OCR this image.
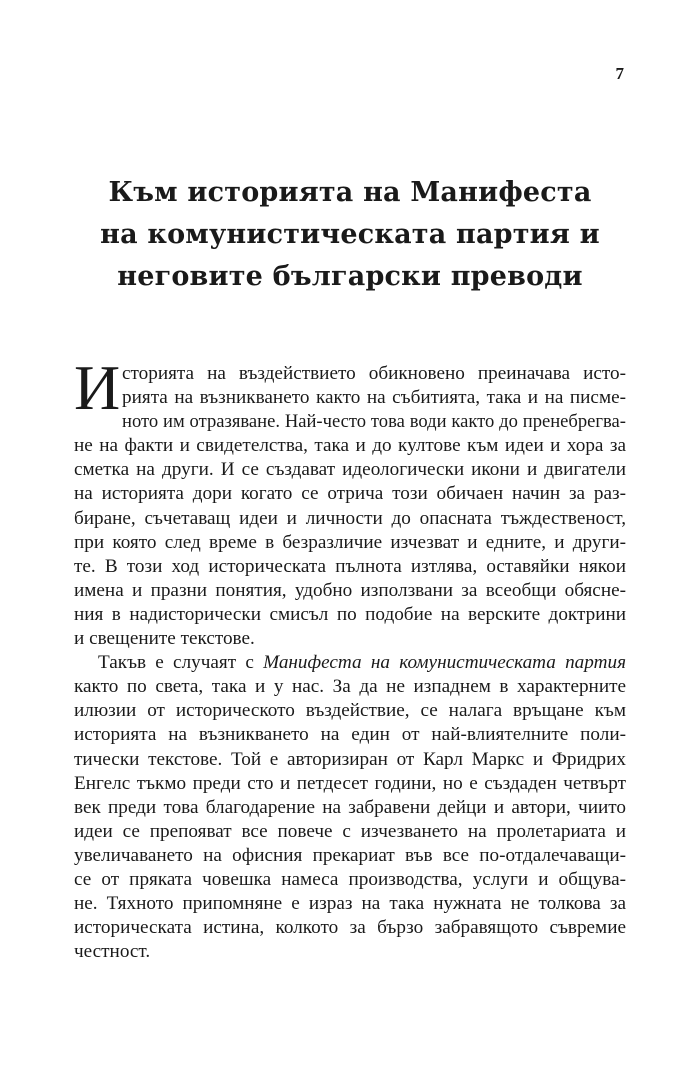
7
Към историята на Манифеста
на комунистическата партия и
неговите български преводи
И сторията на въздействието обикновено преиначава исто-
рията на възникването както на събитията, така и на писме-
ното им отразяване. Най-често това води както до пренебрегва-
не на факти и свидетелства, така и до култове към идеи и хора за
сметка на други. И се създават идеологически икони и двигатели
на историята дори когато се отрича този обичаен начин за раз-
биране, съчетаващ идеи и личности до опасната тъждественост,
при която след време в безразличие изчезват и едните, и други-
те. В този ход историческата пълнота изтлява, оставяйки някои
имена и празни понятия, удобно използвани за всеобщи обясне-
ния в надисторически смисъл по подобие на верските доктрини
и свещените текстове.
Такъв е случаят с Манифеста на комунистическата партия
както по света, така и у нас. За да не изпаднем в характерните
илюзии от историческото въздействие, се налага връщане към
историята на възникването на един от най-влиятелните поли-
тически текстове. Той е авторизиран от Карл Маркс и Фридрих
Енгелс тъкмо преди сто и петдесет години, но е създаден четвърт
век преди това благодарение на забравени дейци и автори, чиито
идеи се препояват все повече с изчезването на пролетариата и
увеличаването на офисния прекариат във все по-отдалечаващи-
се от пряката човешка намеса производства, услуги и общува-
не. Тяхното припомняне е израз на така нужната не толкова за
историческата истина, колкото за бързо забравящото съвремие
честност.
